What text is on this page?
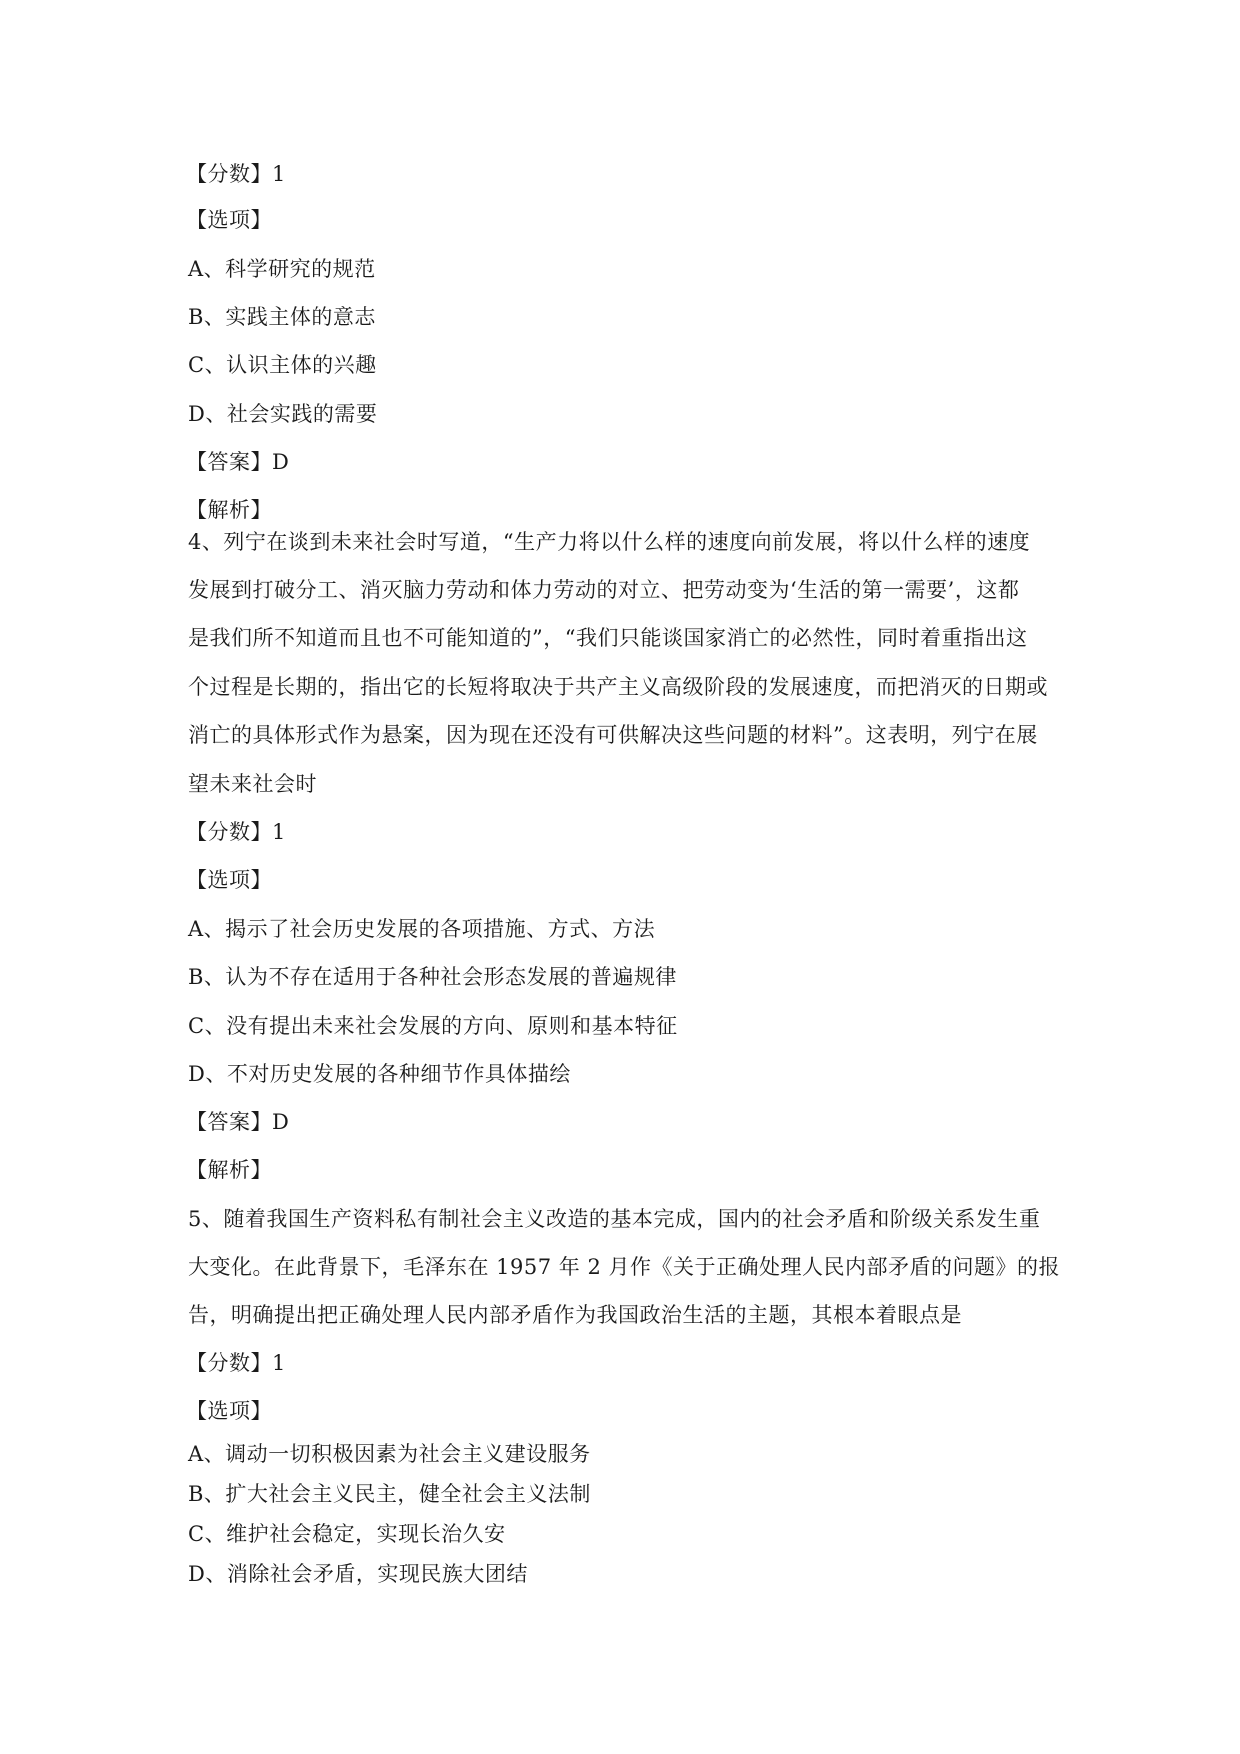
【分数】1
【选项】
A、科学研究的规范
B、实践主体的意志
C、认识主体的兴趣
D、社会实践的需要
【答案】D
【解析】
4、列宁在谈到未来社会时写道，“生产力将以什么样的速度向前发展，将以什么样的速度
发展到打破分工、消灭脑力劳动和体力劳动的对立、把劳动变为‘生活的第一需要’，这都
是我们所不知道而且也不可能知道的”，“我们只能谈国家消亡的必然性，同时着重指出这
个过程是长期的，指出它的长短将取决于共产主义高级阶段的发展速度，而把消灭的日期或
消亡的具体形式作为悬案，因为现在还没有可供解决这些问题的材料”。这表明，列宁在展
望未来社会时
【分数】1
【选项】
A、揭示了社会历史发展的各项措施、方式、方法
B、认为不存在适用于各种社会形态发展的普遍规律
C、没有提出未来社会发展的方向、原则和基本特征
D、不对历史发展的各种细节作具体描绘
【答案】D
【解析】
5、随着我国生产资料私有制社会主义改造的基本完成，国内的社会矛盾和阶级关系发生重
大变化。在此背景下，毛泽东在 1957 年 2 月作《关于正确处理人民内部矛盾的问题》的报
告，明确提出把正确处理人民内部矛盾作为我国政治生活的主题，其根本着眼点是
【分数】1
【选项】
A、调动一切积极因素为社会主义建设服务
B、扩大社会主义民主，健全社会主义法制
C、维护社会稳定，实现长治久安
D、消除社会矛盾，实现民族大团结
